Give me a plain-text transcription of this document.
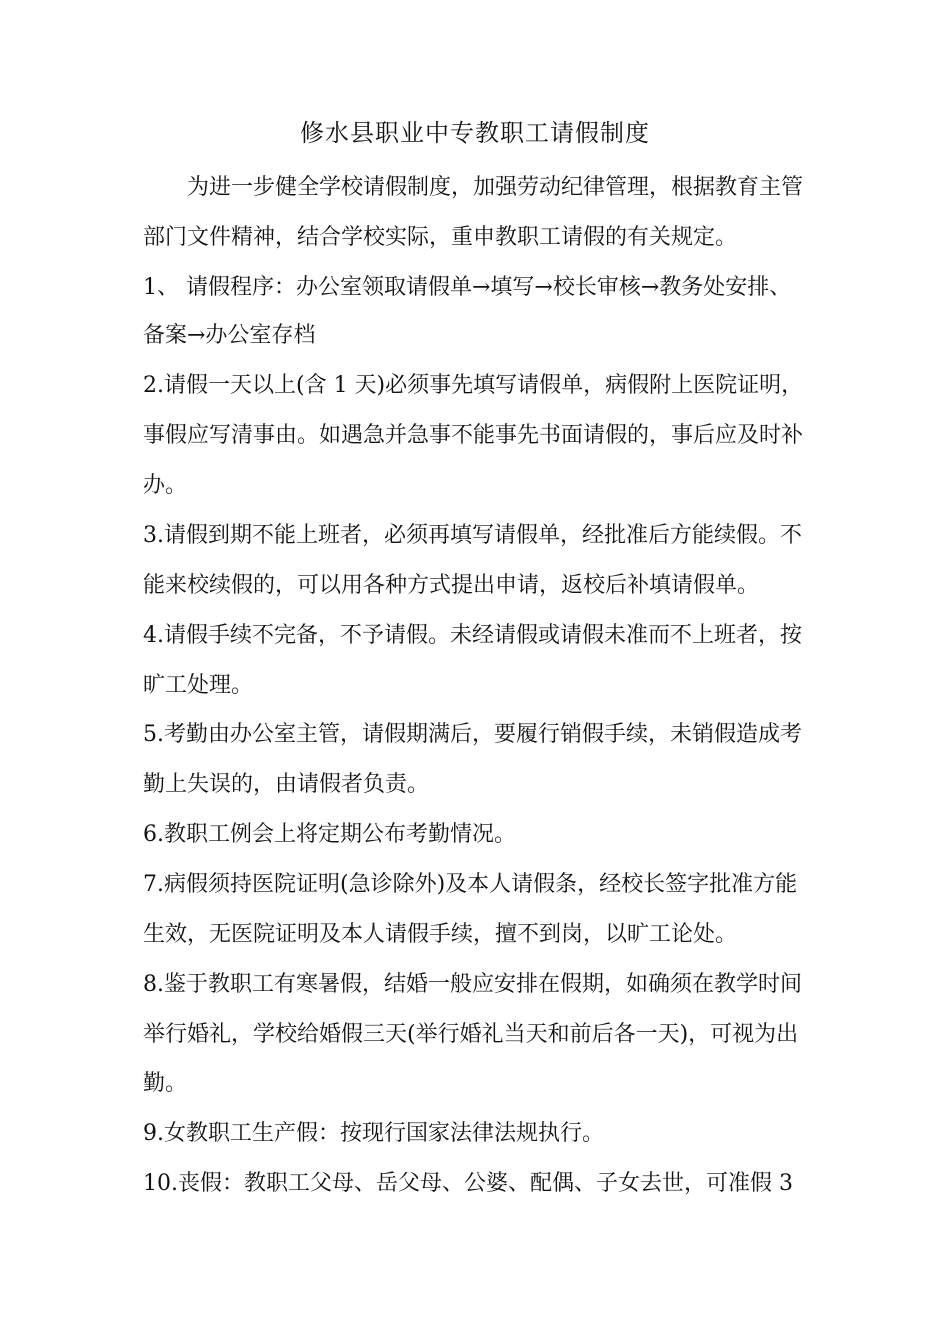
修水县职业中专教职工请假制度
为进一步健全学校请假制度，加强劳动纪律管理，根据教育主管
部门文件精神，结合学校实际，重申教职工请假的有关规定。
1、 请假程序：办公室领取请假单→填写→校长审核→教务处安排、
备案→办公室存档
2.请假一天以上(含 1 天)必须事先填写请假单，病假附上医院证明，
事假应写清事由。如遇急并急事不能事先书面请假的，事后应及时补
办。
3.请假到期不能上班者，必须再填写请假单，经批准后方能续假。不
能来校续假的，可以用各种方式提出申请，返校后补填请假单。
4.请假手续不完备，不予请假。未经请假或请假未准而不上班者，按
旷工处理。
5.考勤由办公室主管，请假期满后，要履行销假手续，未销假造成考
勤上失误的，由请假者负责。
6.教职工例会上将定期公布考勤情况。
7.病假须持医院证明(急诊除外)及本人请假条，经校长签字批准方能
生效，无医院证明及本人请假手续，擅不到岗，以旷工论处。
8.鉴于教职工有寒暑假，结婚一般应安排在假期，如确须在教学时间
举行婚礼，学校给婚假三天(举行婚礼当天和前后各一天)，可视为出
勤。
9.女教职工生产假：按现行国家法律法规执行。
10.丧假：教职工父母、岳父母、公婆、配偶、子女去世，可准假 3
